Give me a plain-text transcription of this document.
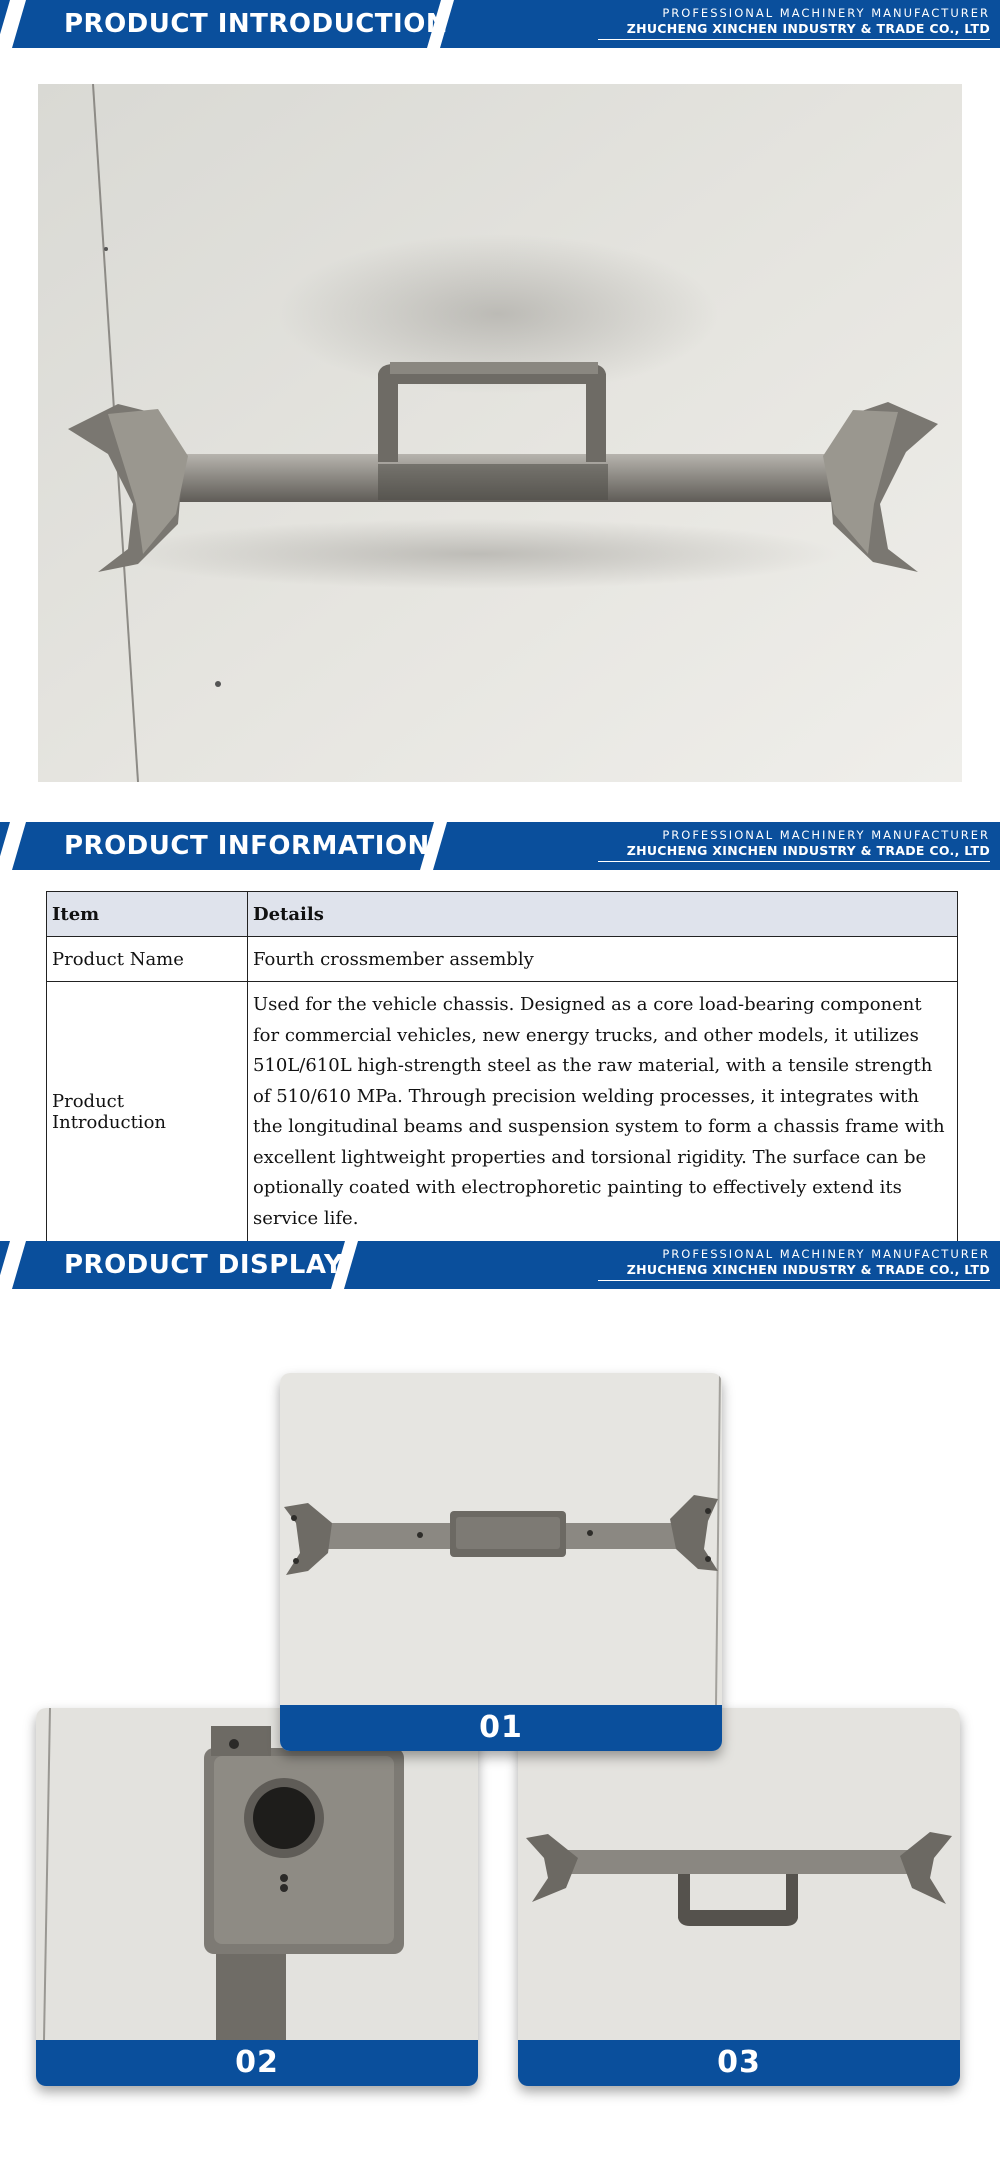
PRODUCT INTRODUCTION	PROFESSIONAL MACHINERY MANUFACTURER
ZHUCHENG XINCHEN INDUSTRY & TRADE CO., LTD
PRODUCT INFORMATION	PROFESSIONAL MACHINERY MANUFACTURER
ZHUCHENG XINCHEN INDUSTRY & TRADE CO., LTD
Item	Details
Product Name	Fourth crossmember assembly
Product Introduction	Used for the vehicle chassis. Designed as a core load-bearing component for commercial vehicles, new energy trucks, and other models, it utilizes 510L/610L high-strength steel as the raw material, with a tensile strength of 510/610 MPa. Through precision welding processes, it integrates with the longitudinal beams and suspension system to form a chassis frame with excellent lightweight properties and torsional rigidity. The surface can be optionally coated with electrophoretic painting to effectively extend its service life.
PRODUCT DISPLAY	PROFESSIONAL MACHINERY MANUFACTURER
ZHUCHENG XINCHEN INDUSTRY & TRADE CO., LTD
02	03
01
